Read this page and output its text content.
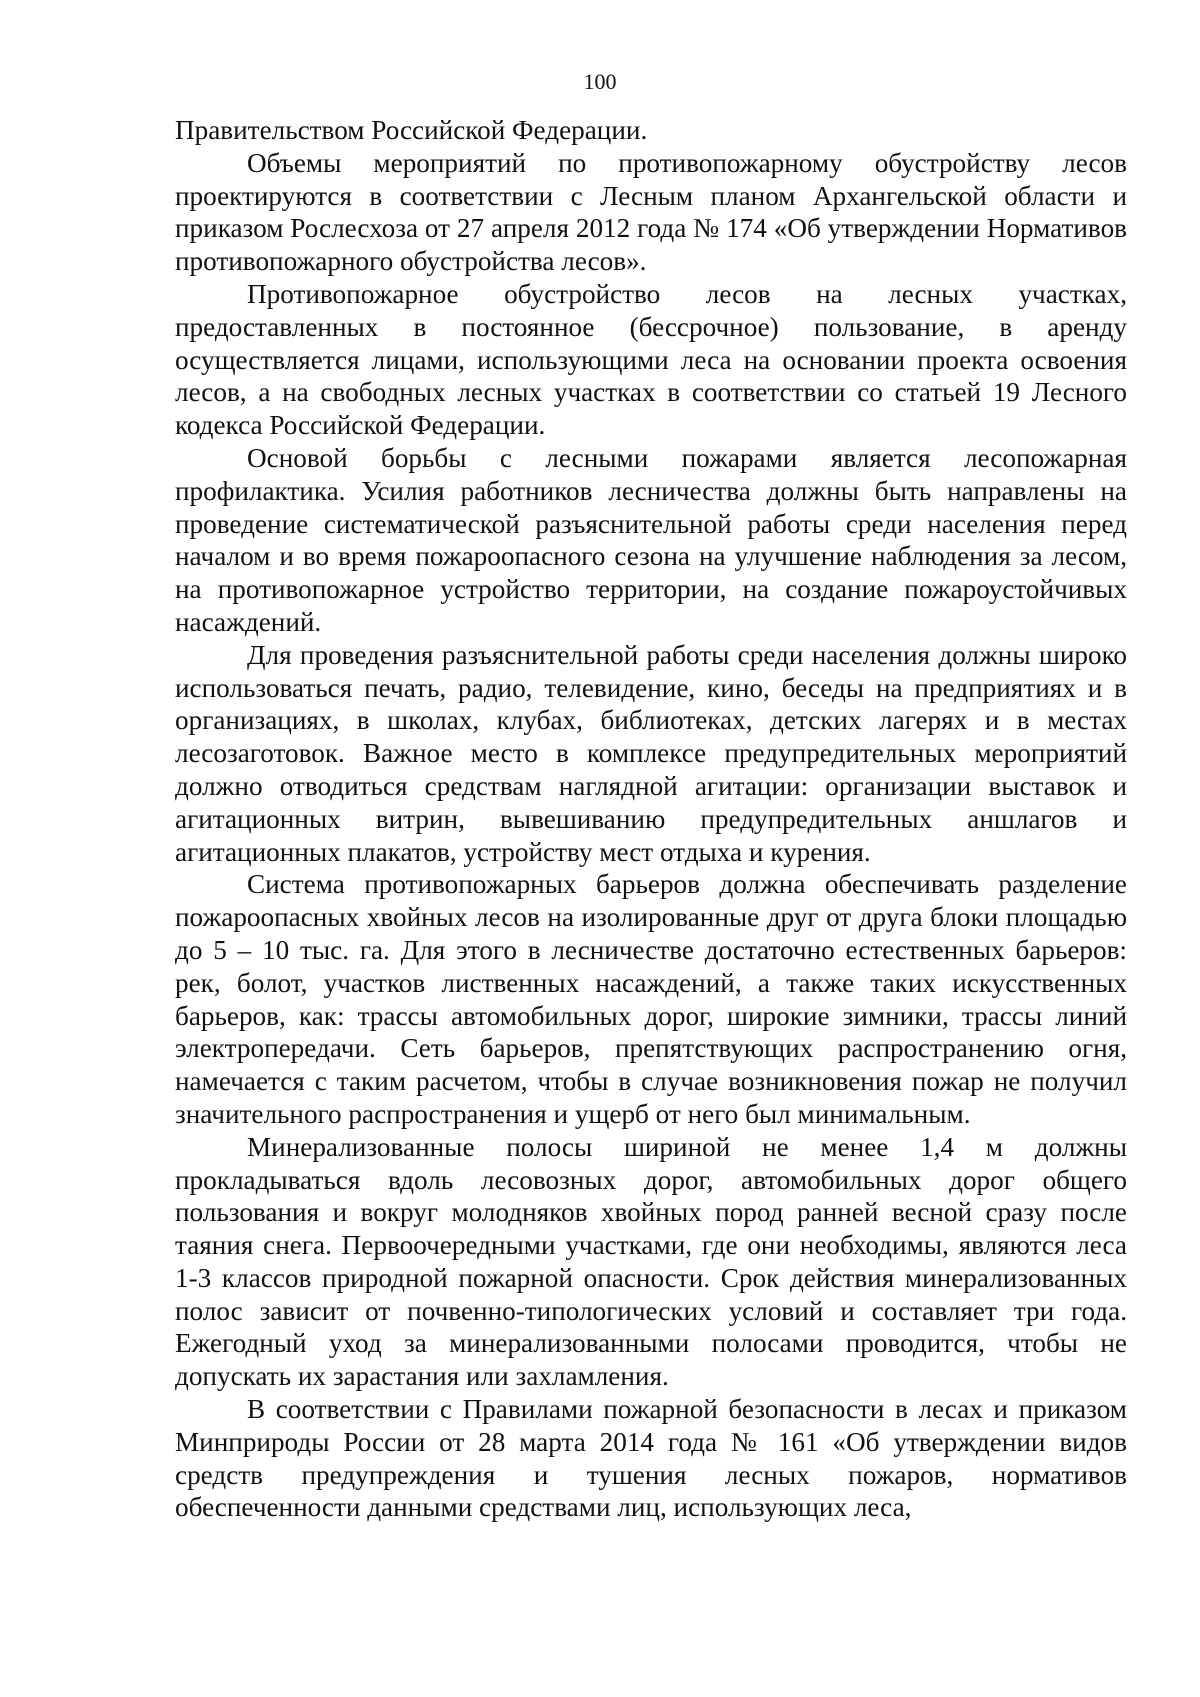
100

Правительством Российской Федерации.

Объемы мероприятий по противопожарному обустройству лесов проектируются в соответствии с Лесным планом Архангельской области и приказом Рослесхоза от 27 апреля 2012 года № 174 «Об утверждении Нормативов противопожарного обустройства лесов».

Противопожарное обустройство лесов на лесных участках, предоставленных в постоянное (бессрочное) пользование, в аренду осуществляется лицами, использующими леса на основании проекта освоения лесов, а на свободных лесных участках в соответствии со статьей 19 Лесного кодекса Российской Федерации.

Основой борьбы с лесными пожарами является лесопожарная профилактика. Усилия работников лесничества должны быть направлены на проведение систематической разъяснительной работы среди населения перед началом и во время пожароопасного сезона на улучшение наблюдения за лесом, на противопожарное устройство территории, на создание пожароустойчивых насаждений.

Для проведения разъяснительной работы среди населения должны широко использоваться печать, радио, телевидение, кино, беседы на предприятиях и в организациях, в школах, клубах, библиотеках, детских лагерях и в местах лесозаготовок. Важное место в комплексе предупредительных мероприятий должно отводиться средствам наглядной агитации: организации выставок и агитационных витрин, вывешиванию предупредительных аншлагов и агитационных плакатов, устройству мест отдыха и курения.

Система противопожарных барьеров должна обеспечивать разделение пожароопасных хвойных лесов на изолированные друг от друга блоки площадью до 5 – 10 тыс. га. Для этого в лесничестве достаточно естественных барьеров: рек, болот, участков лиственных насаждений, а также таких искусственных барьеров, как: трассы автомобильных дорог, широкие зимники, трассы линий электропередачи. Сеть барьеров, препятствующих распространению огня, намечается с таким расчетом, чтобы в случае возникновения пожар не получил значительного распространения и ущерб от него был минимальным.

Минерализованные полосы шириной не менее 1,4 м должны прокладываться вдоль лесовозных дорог, автомобильных дорог общего пользования и вокруг молодняков хвойных пород ранней весной сразу после таяния снега. Первоочередными участками, где они необходимы, являются леса 1-3 классов природной пожарной опасности. Срок действия минерализованных полос зависит от почвенно-типологических условий и составляет три года. Ежегодный уход за минерализованными полосами проводится, чтобы не допускать их зарастания или захламления.

В соответствии с Правилами пожарной безопасности в лесах и приказом Минприроды России от 28 марта 2014 года № 161 «Об утверждении видов средств предупреждения и тушения лесных пожаров, нормативов обеспеченности данными средствами лиц, использующих леса,
